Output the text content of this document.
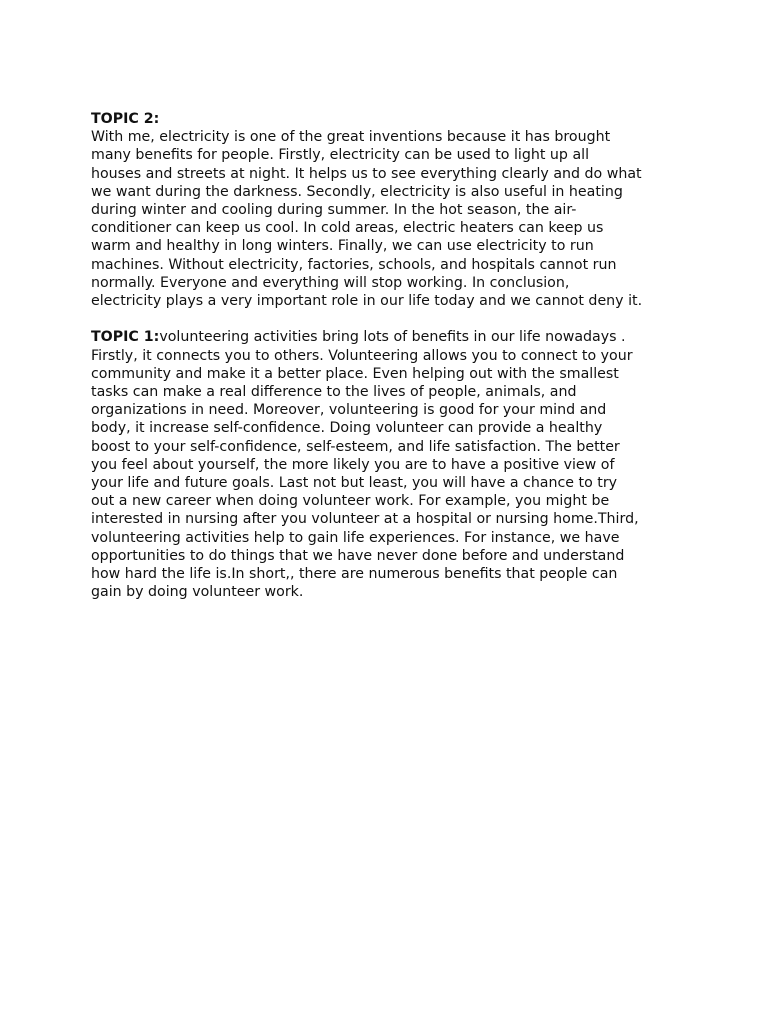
TOPIC 2:
With me, electricity is one of the great inventions because it has brought
many benefits for people. Firstly, electricity can be used to light up all
houses and streets at night. It helps us to see everything clearly and do what
we want during the darkness. Secondly, electricity is also useful in heating
during winter and cooling during summer. In the hot season, the air-
conditioner can keep us cool. In cold areas, electric heaters can keep us
warm and healthy in long winters. Finally, we can use electricity to run
machines. Without electricity, factories, schools, and hospitals cannot run
normally. Everyone and everything will stop working. In conclusion,
electricity plays a very important role in our life today and we cannot deny it.

TOPIC 1:volunteering activities bring lots of benefits in our life nowadays .
Firstly, it connects you to others. Volunteering allows you to connect to your
community and make it a better place. Even helping out with the smallest
tasks can make a real difference to the lives of people, animals, and
organizations in need. Moreover, volunteering is good for your mind and
body, it increase self-confidence. Doing volunteer can provide a healthy
boost to your self-confidence, self-esteem, and life satisfaction. The better
you feel about yourself, the more likely you are to have a positive view of
your life and future goals. Last not but least, you will have a chance to try
out a new career when doing volunteer work. For example, you might be
interested in nursing after you volunteer at a hospital or nursing home.Third,
volunteering activities help to gain life experiences. For instance, we have
opportunities to do things that we have never done before and understand
how hard the life is.In short,, there are numerous benefits that people can
gain by doing volunteer work.
